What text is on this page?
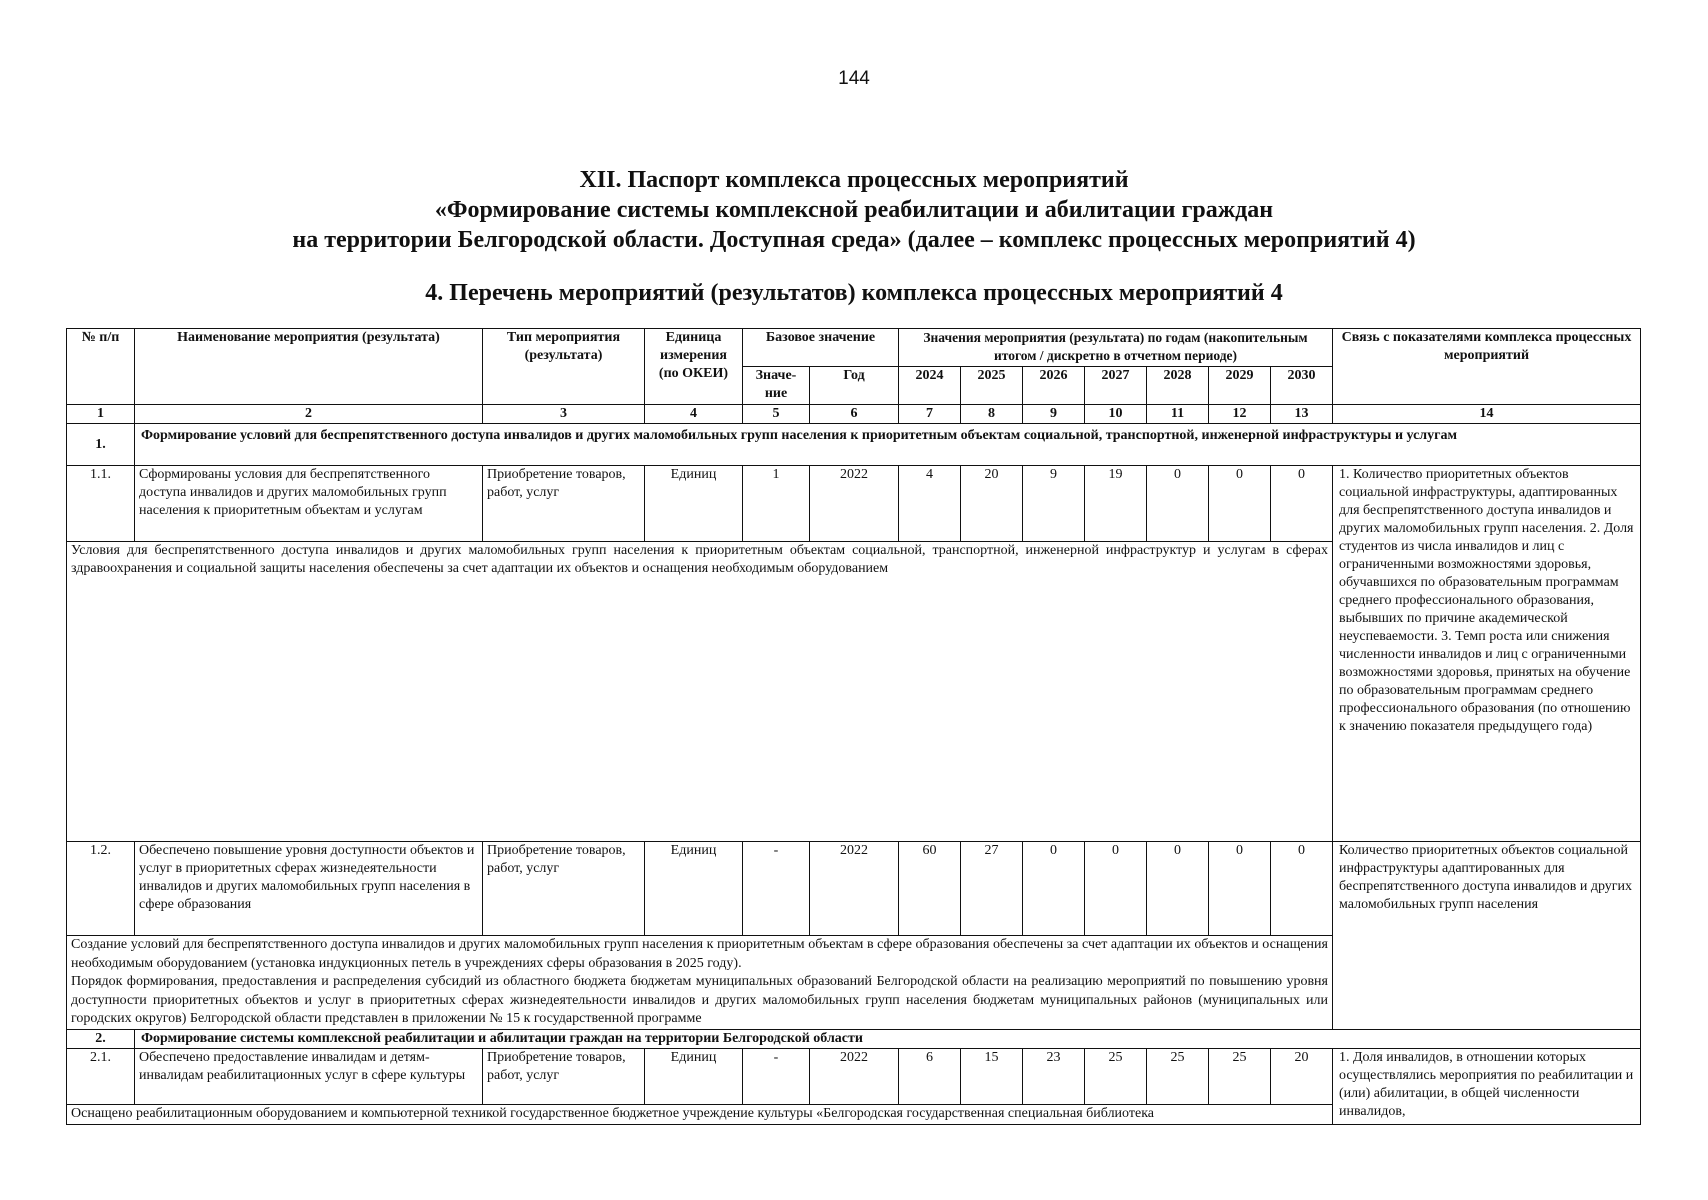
144
XII. Паспорт комплекса процессных мероприятий
«Формирование системы комплексной реабилитации и абилитации граждан
на территории Белгородской области. Доступная среда» (далее – комплекс процессных мероприятий 4)
4. Перечень мероприятий (результатов) комплекса процессных мероприятий 4
№ п/п	Наименование мероприятия (результата)	Тип мероприятия (результата)	Единица измерения (по ОКЕИ)	Базовое значение		Значения мероприятия (результата) по годам (накопительным итогом / дискретно в отчетном периоде)							Связь с показателями комплекса процессных мероприятий
				Значе-ние	Год	2024	2025	2026	2027	2028	2029	2030	
1	2	3	4	5	6	7	8	9	10	11	12	13	14
1.	Формирование условий для беспрепятственного доступа инвалидов и других маломобильных групп населения к приоритетным объектам социальной, транспортной, инженерной инфраструктуры и услугам												
1.1.	Сформированы условия для беспрепятственного доступа инвалидов и других маломобильных групп населения к приоритетным объектам и услугам	Приобретение товаров, работ, услуг	Единиц	1	2022	4	20	9	19	0	0	0	1. Количество приоритетных объектов социальной инфраструктуры, адаптированных для беспрепятственного доступа инвалидов и других маломобильных групп населения. 2. Доля студентов из числа инвалидов и лиц с ограниченными возможностями здоровья, обучавшихся по образовательным программам среднего профессионального образования, выбывших по причине академической неуспеваемости. 3. Темп роста или снижения численности инвалидов и лиц с ограниченными возможностями здоровья, принятых на обучение по образовательным программам среднего профессионального образования (по отношению к значению показателя предыдущего года)
Условия для беспрепятственного доступа инвалидов и других маломобильных групп населения к приоритетным объектам социальной, транспортной, инженерной инфраструктур и услугам в сферах здравоохранения и социальной защиты населения обеспечены за счет адаптации их объектов и оснащения необходимым оборудованием													
1.2.	Обеспечено повышение уровня доступности объектов и услуг в приоритетных сферах жизнедеятельности инвалидов и других маломобильных групп населения в сфере образования	Приобретение товаров, работ, услуг	Единиц	-	2022	60	27	0	0	0	0	0	Количество приоритетных объектов социальной инфраструктуры адаптированных для беспрепятственного доступа инвалидов и других маломобильных групп населения

Создание условий для беспрепятственного доступа инвалидов и других маломобильных групп населения к приоритетным объектам в сфере образования обеспечены за счет адаптации их объектов и оснащения необходимым оборудованием (установка индукционных петель в учреждениях сферы образования в 2025 году).
Порядок формирования, предоставления и распределения субсидий из областного бюджета бюджетам муниципальных образований Белгородской области на реализацию мероприятий по повышению уровня доступности приоритетных объектов и услуг в приоритетных сферах жизнедеятельности инвалидов и других маломобильных групп населения бюджетам муниципальных районов (муниципальных или городских округов) Белгородской области представлен в приложении № 15 к государственной программе													

2.	Формирование системы комплексной реабилитации и абилитации граждан на территории Белгородской области												
2.1.	Обеспечено предоставление инвалидам и детям-инвалидам реабилитационных услуг в сфере культуры	Приобретение товаров, работ, услуг	Единиц	-	2022	6	15	23	25	25	25	20	1. Доля инвалидов, в отношении которых осуществлялись мероприятия по реабилитации и (или) абилитации, в общей численности инвалидов,
Оснащено реабилитационным оборудованием и компьютерной техникой государственное бюджетное учреждение культуры «Белгородская государственная специальная библиотека													
